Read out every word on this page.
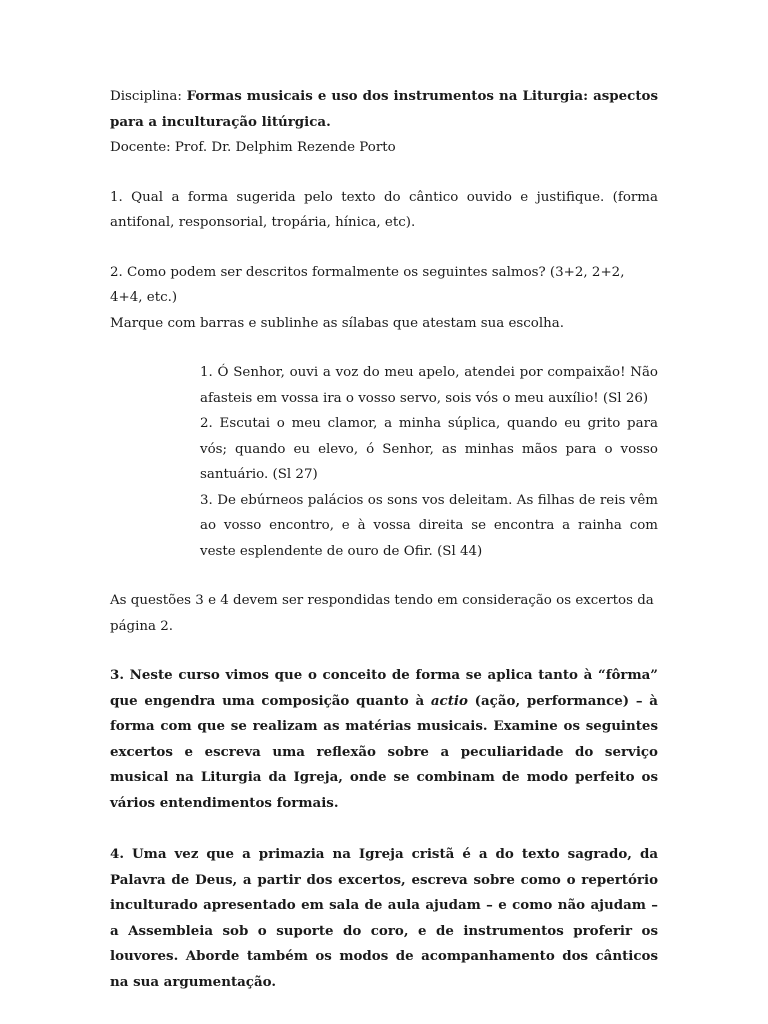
Disciplina: Formas musicais e uso dos instrumentos na Liturgia: aspectos para a inculturação litúrgica.

Docente: Prof. Dr. Delphim Rezende Porto

1. Qual a forma sugerida pelo texto do cântico ouvido e justifique. (forma antifonal, responsorial, tropária, hínica, etc).

2. Como podem ser descritos formalmente os seguintes salmos? (3+2, 2+2, 4+4, etc.)

Marque com barras e sublinhe as sílabas que atestam sua escolha.

1. Ó Senhor, ouvi a voz do meu apelo, atendei por compaixão! Não afasteis em vossa ira o vosso servo, sois vós o meu auxílio! (Sl 26)

2. Escutai o meu clamor, a minha súplica, quando eu grito para vós; quando eu elevo, ó Senhor, as minhas mãos para o vosso santuário. (Sl 27)

3. De ebúrneos palácios os sons vos deleitam. As filhas de reis vêm ao vosso encontro, e à vossa direita se encontra a rainha com veste esplendente de ouro de Ofir. (Sl 44)

As questões 3 e 4 devem ser respondidas tendo em consideração os excertos da página 2.

3. Neste curso vimos que o conceito de forma se aplica tanto à “fôrma” que engendra uma composição quanto à actio (ação, performance) – à forma com que se realizam as matérias musicais. Examine os seguintes excertos e escreva uma reflexão sobre a peculiaridade do serviço musical na Liturgia da Igreja, onde se combinam de modo perfeito os vários entendimentos formais.

4. Uma vez que a primazia na Igreja cristã é a do texto sagrado, da Palavra de Deus, a partir dos excertos, escreva sobre como o repertório inculturado apresentado em sala de aula ajudam – e como não ajudam – a Assembleia sob o suporte do coro, e de instrumentos proferir os louvores. Aborde também os modos de acompanhamento dos cânticos na sua argumentação.
